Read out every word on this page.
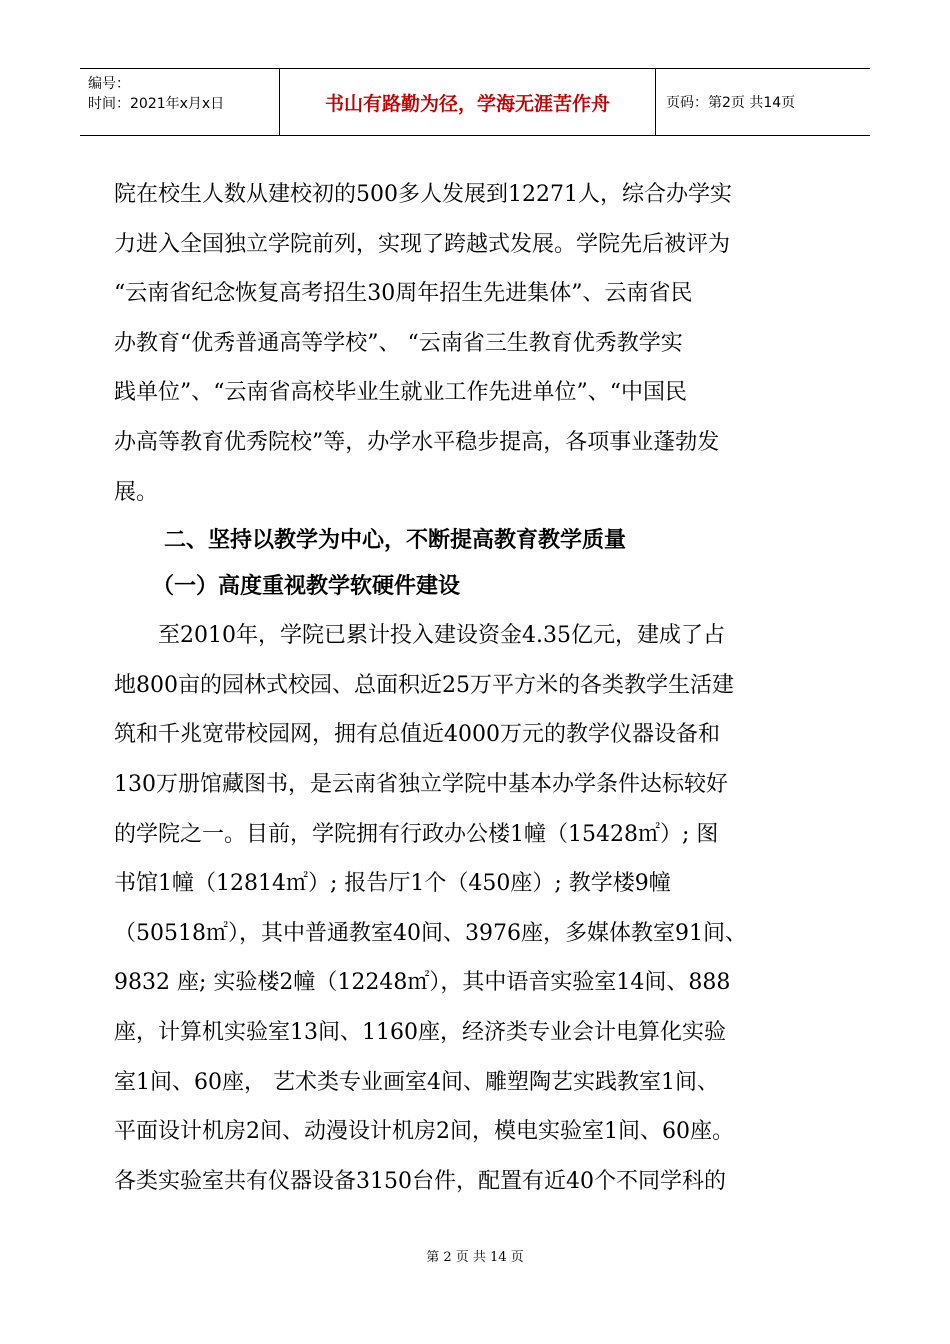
编号：
时间：2021年x月x日	书山有路勤为径，学海无涯苦作舟	页码：第2页 共14页

院在校生人数从建校初的500多人发展到12271人，综合办学实
力进入全国独立学院前列，实现了跨越式发展。学院先后被评为
“云南省纪念恢复高考招生30周年招生先进集体”、云南省民
办教育“优秀普通高等学校”、 “云南省三生教育优秀教学实
践单位”、“云南省高校毕业生就业工作先进单位”、“中国民
办高等教育优秀院校”等，办学水平稳步提高，各项事业蓬勃发
展。

二、坚持以教学为中心，不断提高教育教学质量
（一）高度重视教学软硬件建设

至2010年，学院已累计投入建设资金4.35亿元，建成了占
地800亩的园林式校园、总面积近25万平方米的各类教学生活建
筑和千兆宽带校园网，拥有总值近4000万元的教学仪器设备和
130万册馆藏图书，是云南省独立学院中基本办学条件达标较好
的学院之一。目前，学院拥有行政办公楼1幢（15428㎡）; 图
书馆1幢（12814㎡）; 报告厅1个（450座）; 教学楼9幢
（50518㎡），其中普通教室40间、3976座，多媒体教室91间、
9832 座; 实验楼2幢（12248㎡），其中语音实验室14间、888
座，计算机实验室13间、1160座，经济类专业会计电算化实验
室1间、60座， 艺术类专业画室4间、雕塑陶艺实践教室1间、
平面设计机房2间、动漫设计机房2间，模电实验室1间、60座。
各类实验室共有仪器设备3150台件，配置有近40个不同学科的

第 2 页 共 14 页
